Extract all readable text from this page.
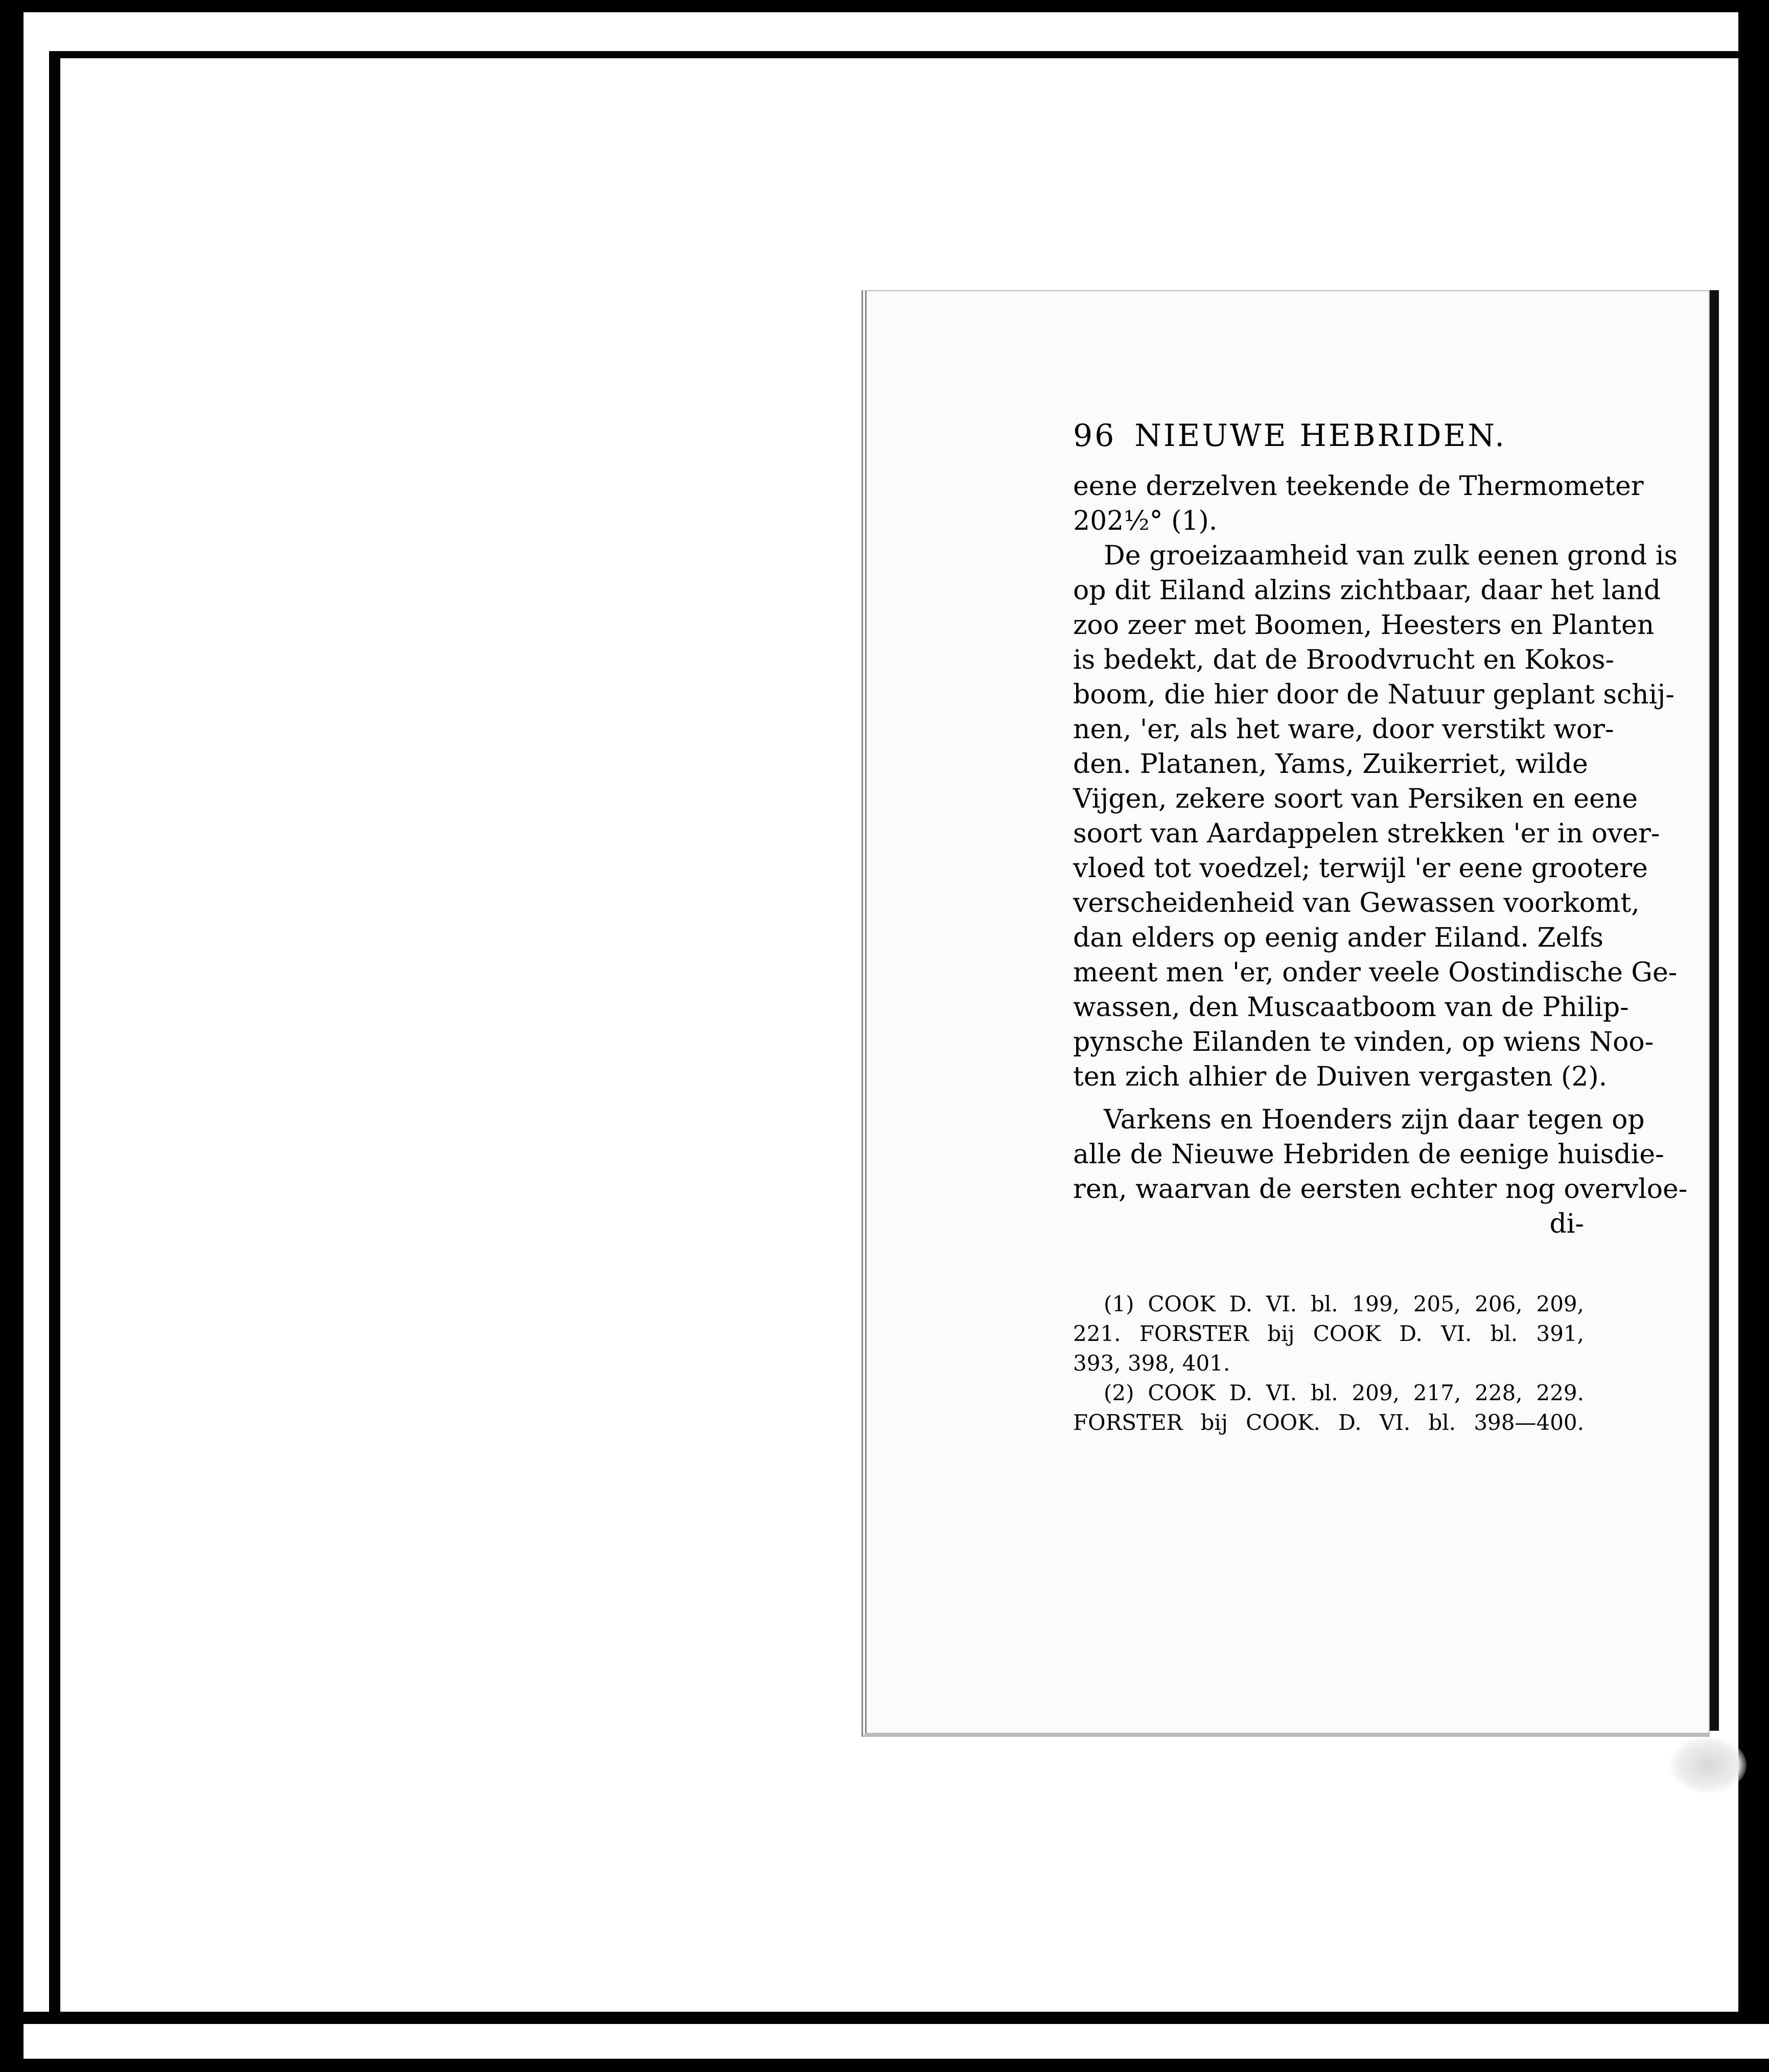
96 NIEUWE HEBRIDEN.
eene derzelven teekende de Thermometer
202½° (1).
De groeizaamheid van zulk eenen grond is
op dit Eiland alzins zichtbaar, daar het land
zoo zeer met Boomen, Heesters en Planten
is bedekt, dat de Broodvrucht en Kokos-
boom, die hier door de Natuur geplant schij-
nen, 'er, als het ware, door verstikt wor-
den. Platanen, Yams, Zuikerriet, wilde
Vijgen, zekere soort van Persiken en eene
soort van Aardappelen strekken 'er in over-
vloed tot voedzel; terwijl 'er eene grootere
verscheidenheid van Gewassen voorkomt,
dan elders op eenig ander Eiland. Zelfs
meent men 'er, onder veele Oostindische Ge-
wassen, den Muscaatboom van de Philip-
pynsche Eilanden te vinden, op wiens Noo-
ten zich alhier de Duiven vergasten (2).
Varkens en Hoenders zijn daar tegen op
alle de Nieuwe Hebriden de eenige huisdie-
ren, waarvan de eersten echter nog overvloe-
di-
(1) COOK D. VI. bl. 199, 205, 206, 209,
221. FORSTER bij COOK D. VI. bl. 391,
393, 398, 401.
(2) COOK D. VI. bl. 209, 217, 228, 229.
FORSTER bij COOK. D. VI. bl. 398—400.
